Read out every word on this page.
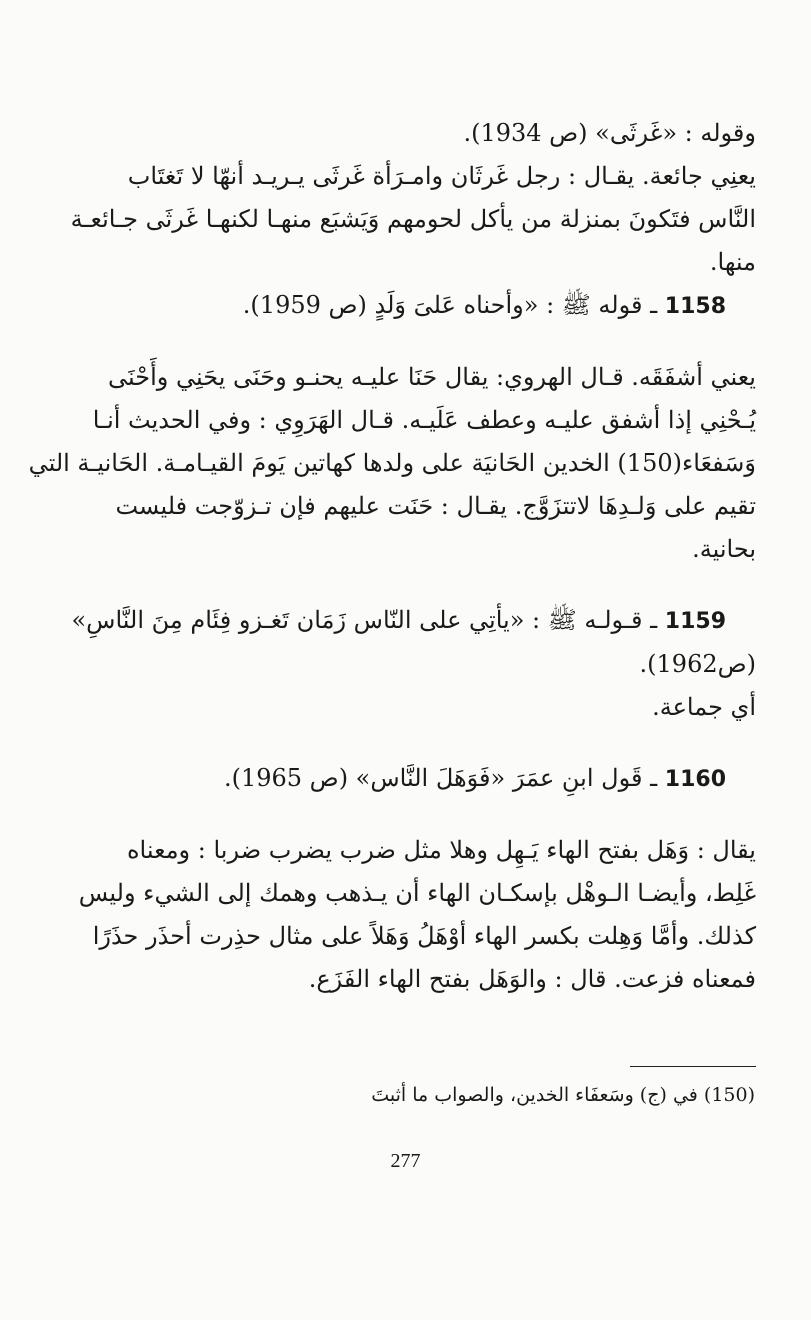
وقوله : «غَرثَى» (ص 1934).
يعنِي جائعة. يقـال : رجل غَرثَان وامـرَأة غَرثَى يـريـد أنهّا لا تَغتَاب
النَّاس فتَكونَ بمنزلة من يأكل لحومهم وَيَشبَع منهـا لكنهـا غَرثَى جـائعـة
منها.
1158 ـ قوله ﷺ : «وأحناه عَلىَ وَلَدٍ (ص 1959).
يعني أشفَقَه. قـال الهروي: يقال حَنَا عليـه يحنـو وحَنَى يحَنِي وأَحْنَى
يُـحْنِي إذا أشفق عليـه وعطف عَلَيـه. قـال الهَرَوِي : وفي الحديث أنـا
وَسَفعَاء(150) الخدين الحَانيَة على ولدها كهاتين يَومَ القيـامـة. الحَانيـة التي
تقيم على وَلـدِهَا لاتتزَوَّج. يقـال : حَنَت عليهم فإن تـزوّجت فليست
بحانية.
1159 ـ قـولـه ﷺ : «يأتِي على النّاس زَمَان تَغـزو فِئَام مِنَ النَّاسِ»
(ص1962).
أي جماعة.
1160 ـ قَول ابنِ عمَرَ «فَوَهَلَ النَّاس» (ص 1965).
يقال : وَهَل بفتح الهاء يَـهِل وهلا مثل ضرب يضرب ضربا : ومعناه
غَلِط، وأيضـا الـوهْل بإسكـان الهاء أن يـذهب وهمك إلى الشيء وليس
كذلك. وأمَّا وَهِلت بكسر الهاء أوْهَلُ وَهَلاً على مثال حذِرت أحذَر حذَرًا
فمعناه فزعت. قال : والوَهَل بفتح الهاء الفَزَع.
(150) في (ج) وسَعفَاء الخدين، والصواب ما أثبتَ
277
